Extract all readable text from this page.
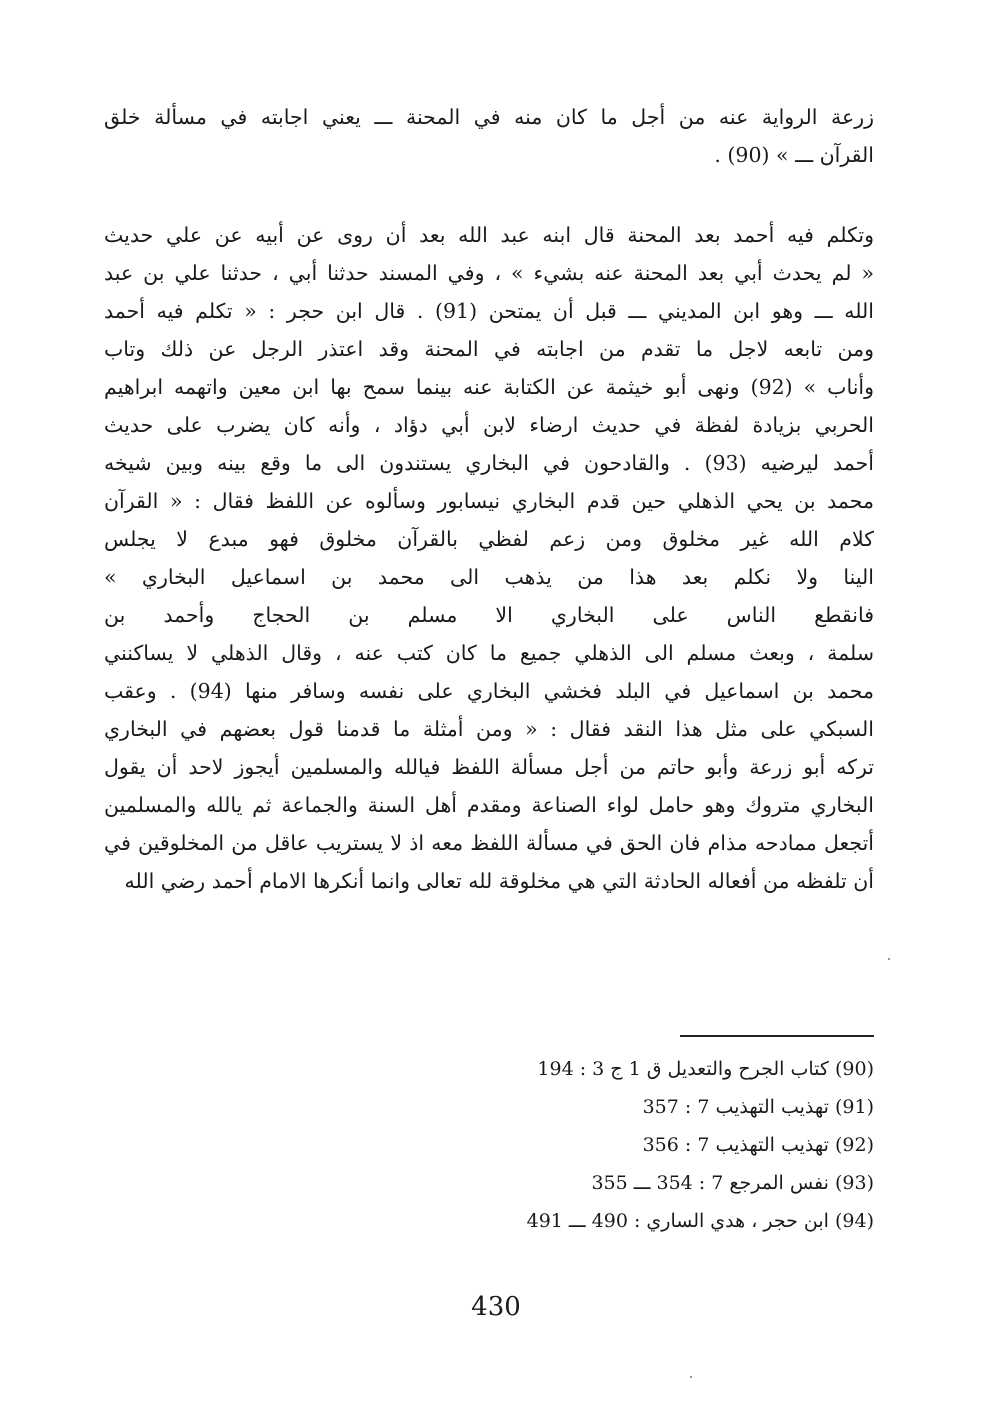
زرعة الرواية عنه من أجل ما كان منه في المحنة ـــ يعني اجابته في مسألة خلق
القرآن ـــ » (90) .
وتكلم فيه أحمد بعد المحنة قال ابنه عبد الله بعد أن روى عن أبيه عن علي حديث
« لم يحدث أبي بعد المحنة عنه بشيء » ، وفي المسند حدثنا أبي ، حدثنا علي بن عبد
الله ـــ وهو ابن المديني ـــ قبل أن يمتحن (91) . قال ابن حجر : « تكلم فيه أحمد
ومن تابعه لاجل ما تقدم من اجابته في المحنة وقد اعتذر الرجل عن ذلك وتاب
وأناب » (92) ونهى أبو خيثمة عن الكتابة عنه بينما سمح بها ابن معين واتهمه ابراهيم
الحربي بزيادة لفظة في حديث ارضاء لابن أبي دؤاد ، وأنه كان يضرب على حديث
أحمد ليرضيه (93) . والقادحون في البخاري يستندون الى ما وقع بينه وبين شيخه
محمد بن يحي الذهلي حين قدم البخاري نيسابور وسألوه عن اللفظ فقال : « القرآن
كلام الله غير مخلوق ومن زعم لفظي بالقرآن مخلوق فهو مبدع لا يجلس
الينا ولا نكلم بعد هذا من يذهب الى محمد بن اسماعيل البخاري »
فانقطع الناس على البخاري الا مسلم بن الحجاج وأحمد بن
سلمة ، وبعث مسلم الى الذهلي جميع ما كان كتب عنه ، وقال الذهلي لا يساكنني
محمد بن اسماعيل في البلد فخشي البخاري على نفسه وسافر منها (94) . وعقب
السبكي على مثل هذا النقد فقال : « ومن أمثلة ما قدمنا قول بعضهم في البخاري
تركه أبو زرعة وأبو حاتم من أجل مسألة اللفظ فيالله والمسلمين أيجوز لاحد أن يقول
البخاري متروك وهو حامل لواء الصناعة ومقدم أهل السنة والجماعة ثم يالله والمسلمين
أتجعل ممادحه مذام فان الحق في مسألة اللفظ معه اذ لا يستريب عاقل من المخلوقين في
أن تلفظه من أفعاله الحادثة التي هي مخلوقة لله تعالى وانما أنكرها الامام أحمد رضي الله
(90) كتاب الجرح والتعديل ق 1 ج 3 : 194
(91) تهذيب التهذيب 7 : 357
(92) تهذيب التهذيب 7 : 356
(93) نفس المرجع 7 : 354 ـــ 355
(94) ابن حجر ، هدي الساري : 490 ـــ 491
430
